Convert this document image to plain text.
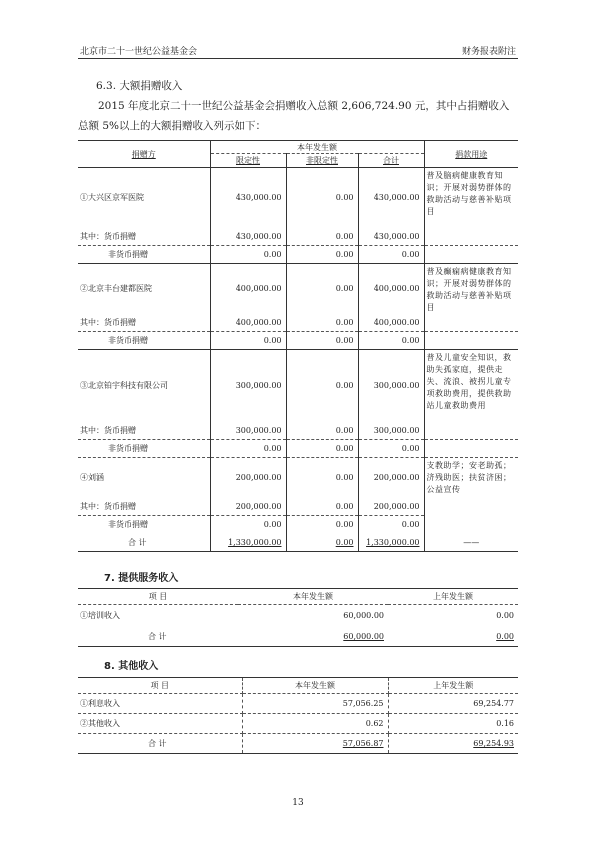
北京市二十一世纪公益基金会	财务报表附注
6.3. 大额捐赠收入
2015 年度北京二十一世纪公益基金会捐赠收入总额 2,606,724.90 元，其中占捐赠收入总额 5%以上的大额捐赠收入列示如下：
捐赠方	本年发生额			捐款用途
	限定性	非限定性	合计	
①大兴区京军医院	430,000.00	0.00	430,000.00	普及脑病健康教育知识；开展对弱势群体的救助活动与慈善补贴项目
其中：货币捐赠	430,000.00	0.00	430,000.00	
非货币捐赠	0.00	0.00	0.00	
②北京丰台建都医院	400,000.00	0.00	400,000.00	普及癫痫病健康教育知识；开展对弱势群体的救助活动与慈善补贴项目
其中：货币捐赠	400,000.00	0.00	400,000.00	
非货币捐赠	0.00	0.00	0.00	
③北京铂宇科技有限公司	300,000.00	0.00	300,000.00	普及儿童安全知识，救助失孤家庭，提供走失、流浪、被拐儿童专项救助费用，提供救助站儿童救助费用
其中：货币捐赠	300,000.00	0.00	300,000.00	
非货币捐赠	0.00	0.00	0.00	
④刘涵	200,000.00	0.00	200,000.00	支教助学；安老助孤；济残助医；扶贫济困；公益宣传
其中：货币捐赠	200,000.00	0.00	200,000.00	
非货币捐赠	0.00	0.00	0.00	
合 计	1,330,000.00	0.00	1,330,000.00	——
7. 提供服务收入
项 目	本年发生额	上年发生额
①培训收入	60,000.00	0.00
合 计	60,000.00	0.00
8. 其他收入
项 目	本年发生额	上年发生额
①利息收入	57,056.25	69,254.77
②其他收入	0.62	0.16
合 计	57,056.87	69,254.93
13
